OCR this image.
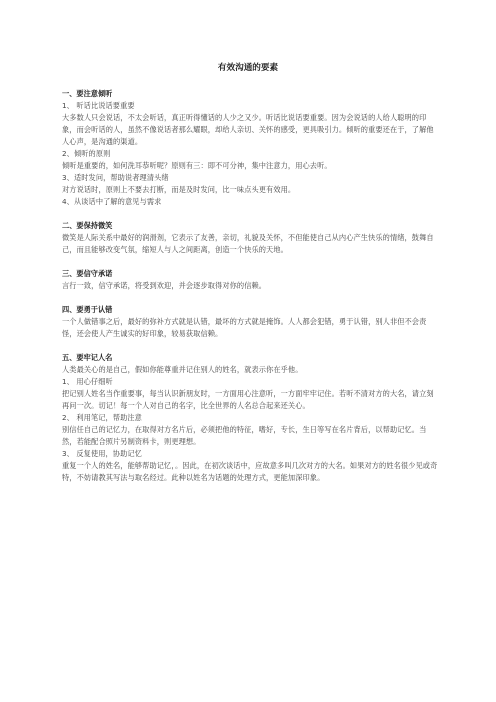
有效沟通的要素

一、要注意倾听

1、 听话比说话要重要

大多数人只会说话，不太会听话，真正听得懂话的人少之又少。听话比说话要重要。因为会说话的人给人聪明的印象，而会听话的人，虽然不像说话者那么耀眼，却给人亲切、关怀的感受，更具吸引力。倾听的重要还在于，了解他人心声，是沟通的渠道。

2、倾听的原则

倾听是重要的，如何洗耳恭听呢？原则有三：即不可分神，集中注意力，用心去听。

3、适时发问，帮助说者理清头绪

对方说话时，原则上不要去打断，而是及时发问，比一味点头更有效用。

4、从谈话中了解的意见与需求

二、要保持微笑

微笑是人际关系中最好的润滑剂，它表示了友善，亲切，礼貌及关怀，不但能使自己从内心产生快乐的情绪，鼓舞自己，而且能够改变气氛，缩短人与人之间距离，创造一个快乐的天地。

三、要信守承诺

言行一致，信守承诺，将受到欢迎，并会逐步取得对你的信赖。

四、要勇于认错

一个人做错事之后，最好的弥补方式就是认错，最坏的方式就是掩饰。人人都会犯错，勇于认错，别人非但不会责怪，还会使人产生诚实的好印象，较易获取信赖。

五、要牢记人名

人类最关心的是自己，假如你能尊重并记住别人的姓名，就表示你在乎他。

1、 用心仔细听

把记别人姓名当作重要事，每当认识新朋友时，一方面用心注意听，一方面牢牢记住。若听不清对方的大名，请立刻再问一次。切记！每一个人对自己的名字，比全世界的人名总合起来还关心。

2、 利用笔记，帮助注意

别信任自己的记忆力，在取得对方名片后，必须把他的特征，嗜好，专长，生日等写在名片背后，以帮助记忆。当然，若能配合照片另制资料卡，则更理想。

3、 反复使用，协助记忆

重复一个人的姓名，能够帮助记忆，。因此，在初次谈话中，应故意多叫几次对方的大名。如果对方的姓名很少见或奇特，不妨请教其写法与取名经过。此种以姓名为话题的处理方式，更能加深印象。
